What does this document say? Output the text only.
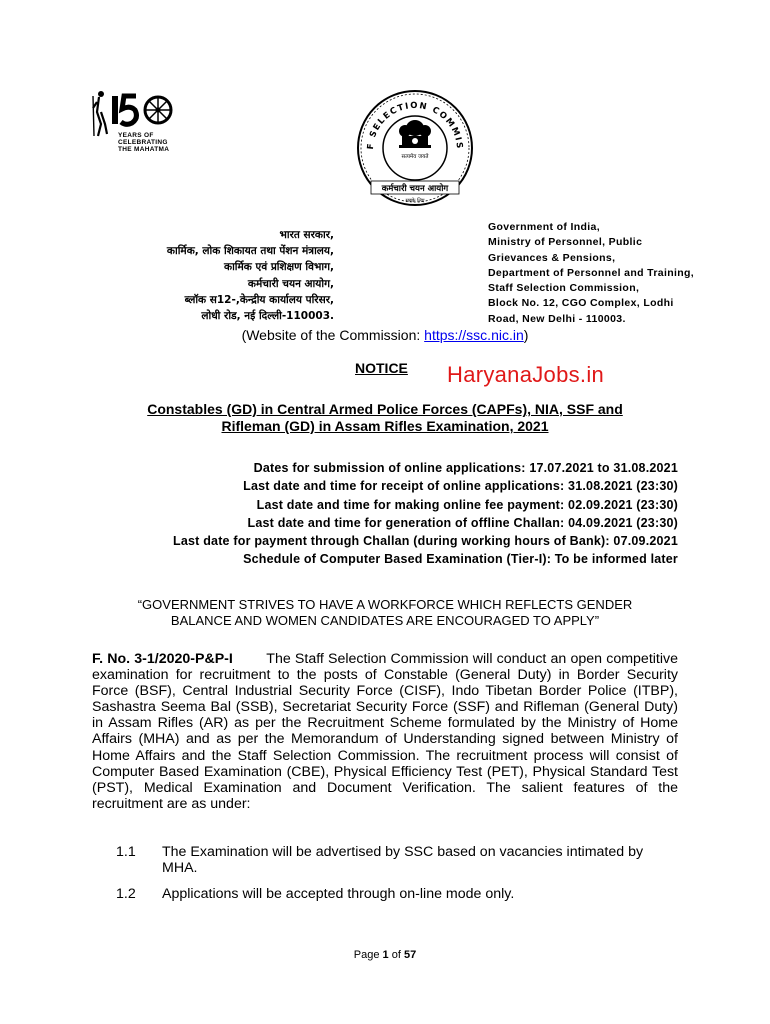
YEARS OF
CELEBRATING
THE MAHATMA	F SELECTION COMMIS
सत्यमेव जयते
कर्मचारी चयन आयोग
सबके लिए
भारत सरकार,
कार्मिक, लोक शिकायत तथा पेंशन मंत्रालय,
कार्मिक एवं प्रशिक्षण विभाग,
कर्मचारी चयन आयोग,
ब्लॉक स12-,केन्द्रीय कार्यालय परिसर,
लोधी रोड, नई दिल्ली-110003.
Government of India,
Ministry of Personnel, Public
Grievances & Pensions,
Department of Personnel and Training,
Staff Selection Commission,
Block No. 12, CGO Complex, Lodhi
Road, New Delhi - 110003.
(Website of the Commission: https://ssc.nic.in)
NOTICE HaryanaJobs.in
Constables (GD) in Central Armed Police Forces (CAPFs), NIA, SSF and
Rifleman (GD) in Assam Rifles Examination, 2021
Dates for submission of online applications: 17.07.2021 to 31.08.2021
Last date and time for receipt of online applications: 31.08.2021 (23:30)
Last date and time for making online fee payment: 02.09.2021 (23:30)
Last date and time for generation of offline Challan: 04.09.2021 (23:30)
Last date for payment through Challan (during working hours of Bank): 07.09.2021
Schedule of Computer Based Examination (Tier-I): To be informed later
“GOVERNMENT STRIVES TO HAVE A WORKFORCE WHICH REFLECTS GENDER
BALANCE AND WOMEN CANDIDATES ARE ENCOURAGED TO APPLY”
F. No. 3-1/2020-P&P-I The Staff Selection Commission will conduct an open competitive examination for recruitment to the posts of Constable (General Duty) in Border Security Force (BSF), Central Industrial Security Force (CISF), Indo Tibetan Border Police (ITBP), Sashastra Seema Bal (SSB), Secretariat Security Force (SSF) and Rifleman (General Duty) in Assam Rifles (AR) as per the Recruitment Scheme formulated by the Ministry of Home Affairs (MHA) and as per the Memorandum of Understanding signed between Ministry of Home Affairs and the Staff Selection Commission. The recruitment process will consist of Computer Based Examination (CBE), Physical Efficiency Test (PET), Physical Standard Test (PST), Medical Examination and Document Verification. The salient features of the recruitment are as under:
1.1 The Examination will be advertised by SSC based on vacancies intimated by MHA.
1.2 Applications will be accepted through on-line mode only.
Page 1 of 57
